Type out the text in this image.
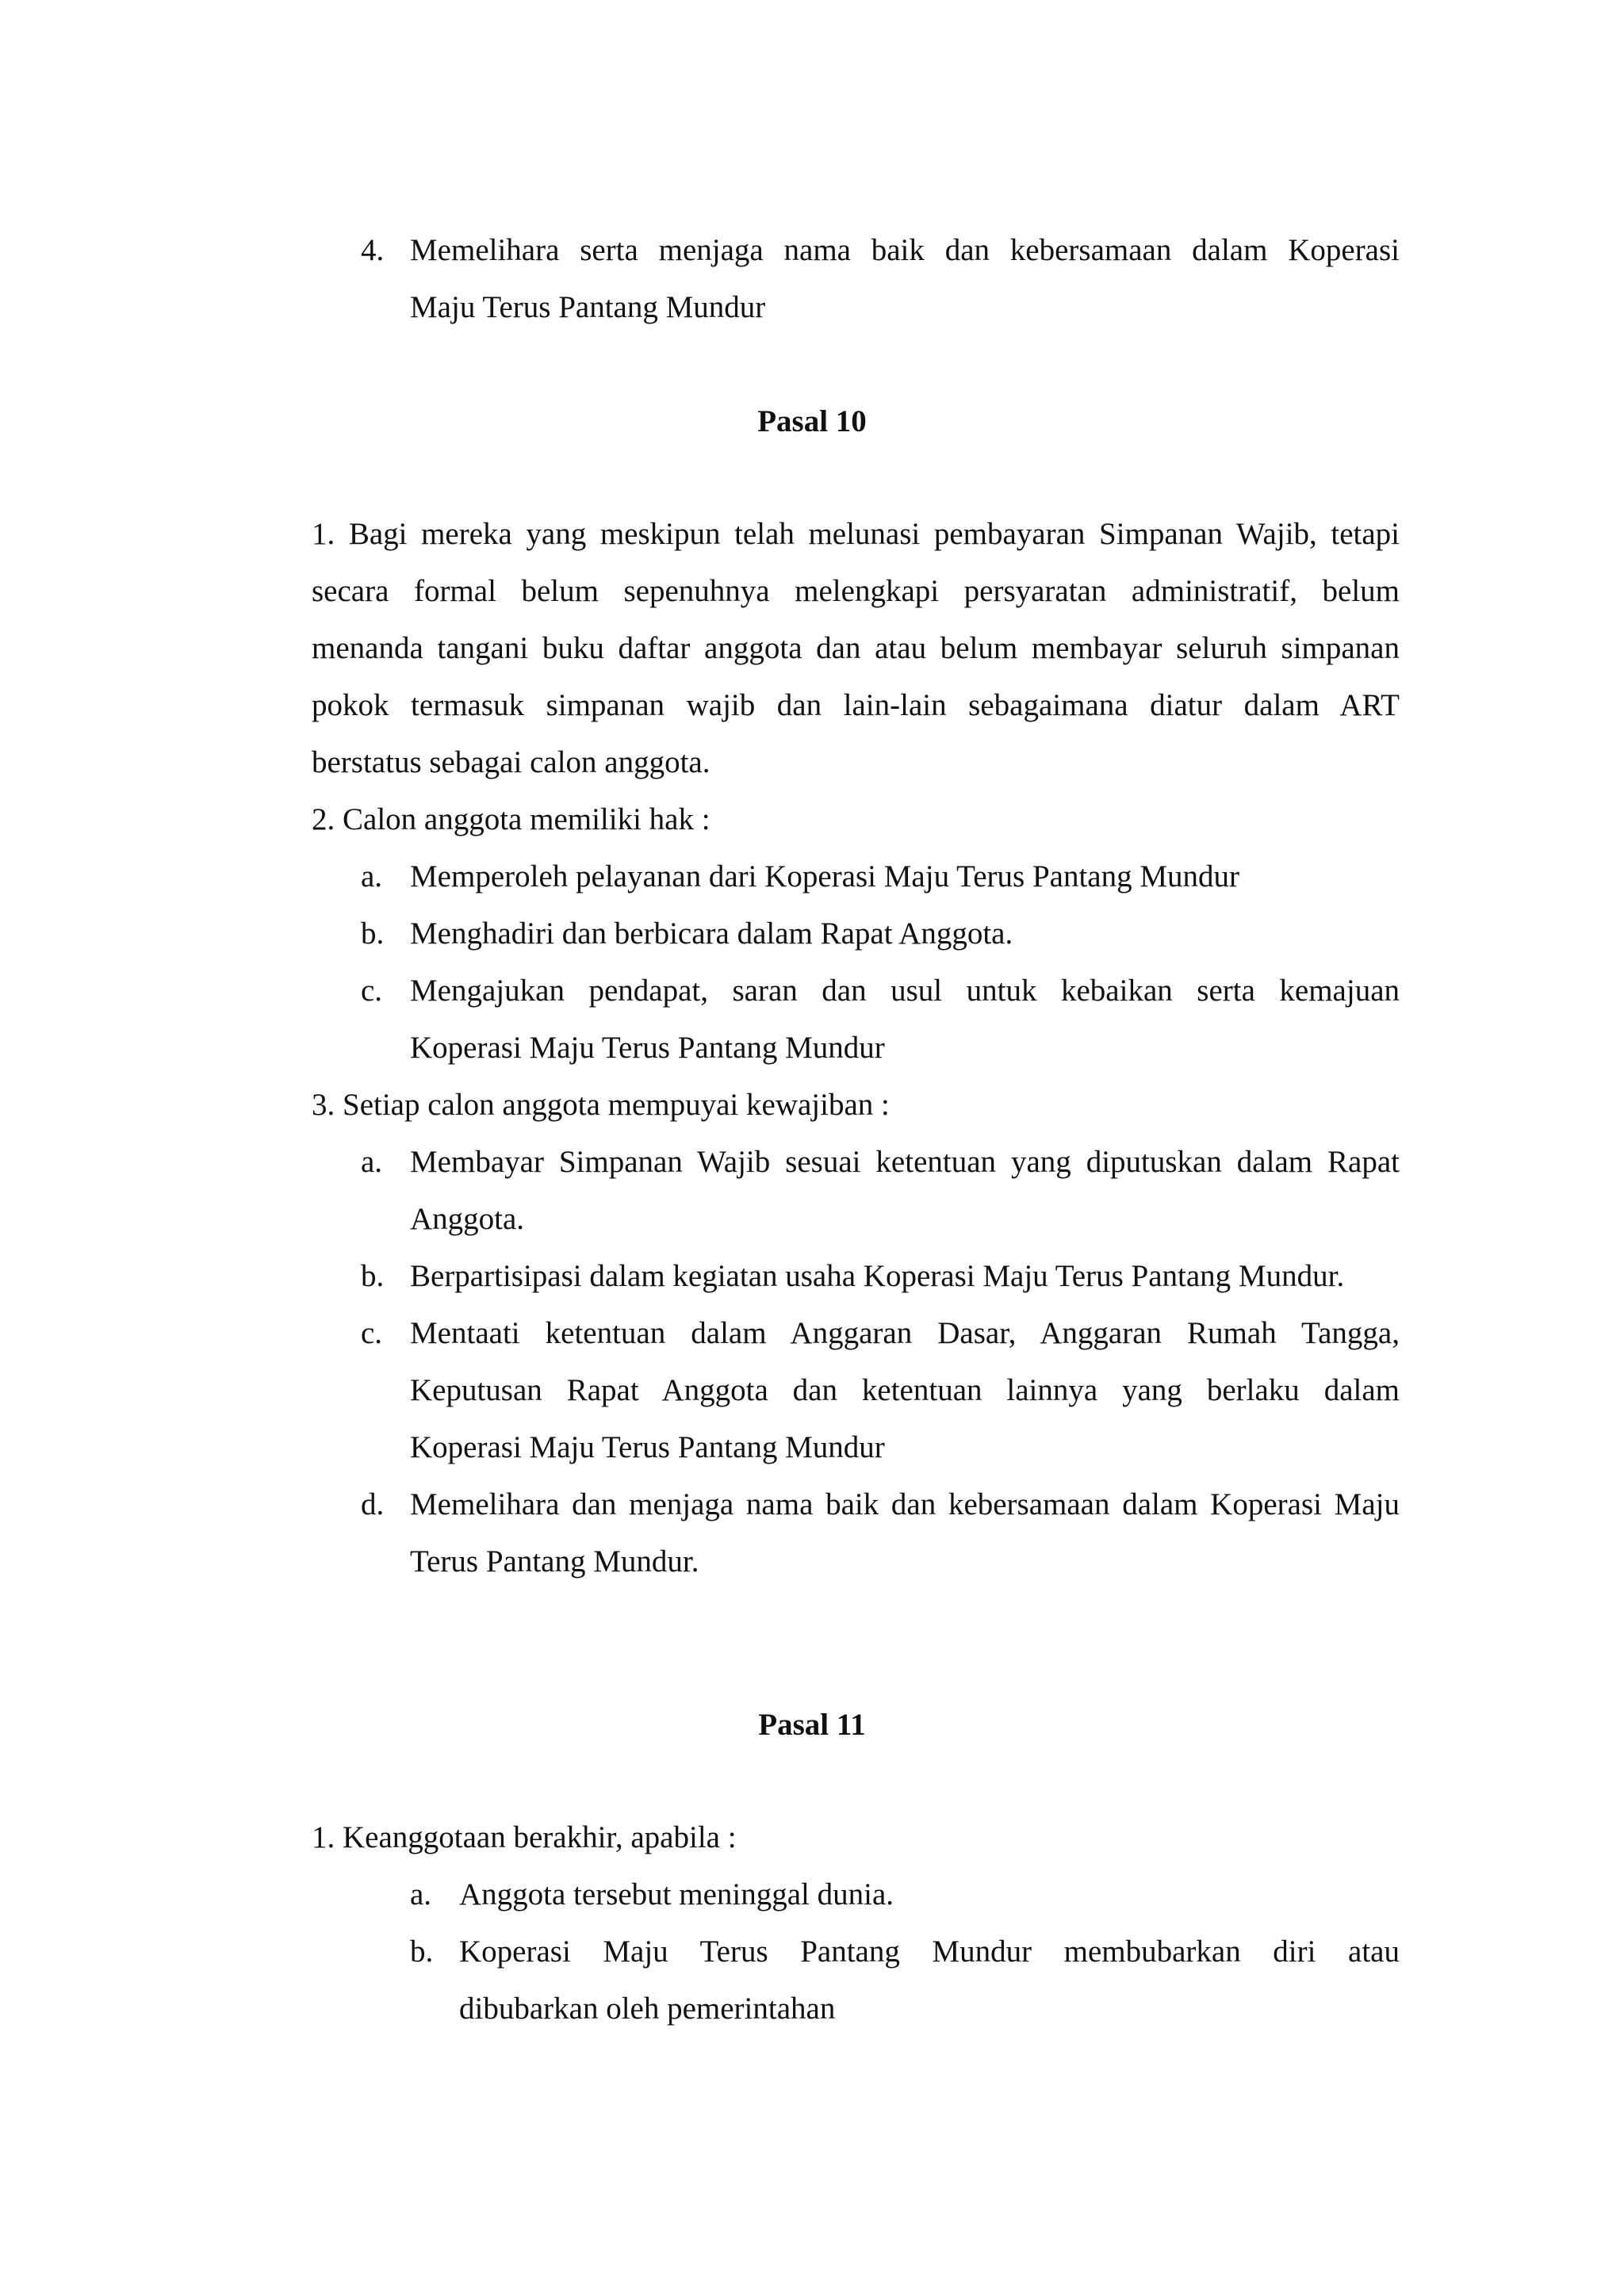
4. Memelihara serta menjaga nama baik dan kebersamaan dalam Koperasi
Maju Terus Pantang Mundur
Pasal 10
1. Bagi mereka yang meskipun telah melunasi pembayaran Simpanan Wajib, tetapi
secara formal belum sepenuhnya melengkapi persyaratan administratif, belum
menanda tangani buku daftar anggota dan atau belum membayar seluruh simpanan
pokok termasuk simpanan wajib dan lain-lain sebagaimana diatur dalam ART
berstatus sebagai calon anggota.
2. Calon anggota memiliki hak :
a. Memperoleh pelayanan dari Koperasi Maju Terus Pantang Mundur
b. Menghadiri dan berbicara dalam Rapat Anggota.
c. Mengajukan pendapat, saran dan usul untuk kebaikan serta kemajuan
Koperasi Maju Terus Pantang Mundur
3. Setiap calon anggota mempuyai kewajiban :
a. Membayar Simpanan Wajib sesuai ketentuan yang diputuskan dalam Rapat
Anggota.
b. Berpartisipasi dalam kegiatan usaha Koperasi Maju Terus Pantang Mundur.
c. Mentaati ketentuan dalam Anggaran Dasar, Anggaran Rumah Tangga,
Keputusan Rapat Anggota dan ketentuan lainnya yang berlaku dalam
Koperasi Maju Terus Pantang Mundur
d. Memelihara dan menjaga nama baik dan kebersamaan dalam Koperasi Maju
Terus Pantang Mundur.
Pasal 11
1. Keanggotaan berakhir, apabila :
a. Anggota tersebut meninggal dunia.
b. Koperasi Maju Terus Pantang Mundur membubarkan diri atau
dibubarkan oleh pemerintahan
